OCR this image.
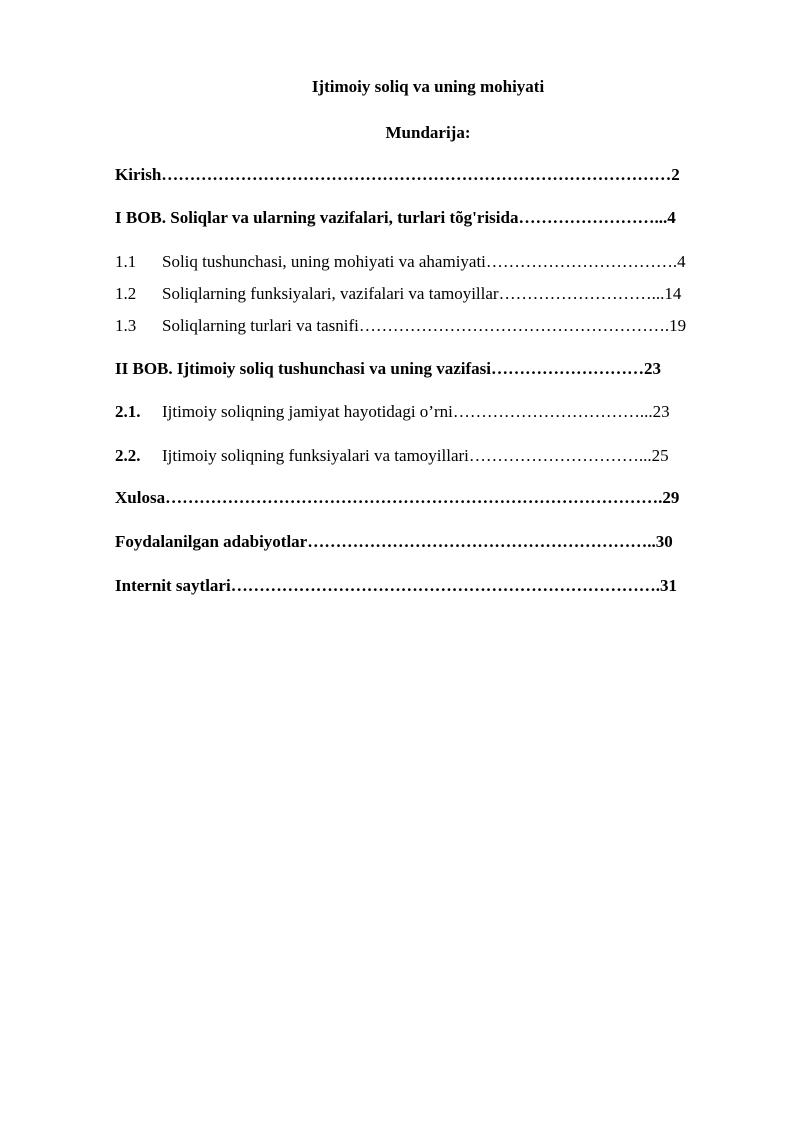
Ijtimoiy soliq va uning mohiyati
Mundarija:
Kirish………………………………………………………………………………2
I BOB. Soliqlar va ularning vazifalari, turlari tõg'risida……………………...4
1.1 Soliq tushunchasi, uning mohiyati va ahamiyati…………………………….4
1.2 Soliqlarning funksiyalari, vazifalari va tamoyillar………………………...14
1.3 Soliqlarning turlari va tasnifi……………………………………………….19
II BOB. Ijtimoiy soliq tushunchasi va uning vazifasi………………………23
2.1. Ijtimoiy soliqning jamiyat hayotidagi o’rni……………………………...23
2.2. Ijtimoiy soliqning funksiyalari va tamoyillari…………………………...25
Xulosa…………………………………………………………………………….29
Foydalanilgan adabiyotlar……………………………………………………..30
Internit saytlari………………………………………………………………….31
